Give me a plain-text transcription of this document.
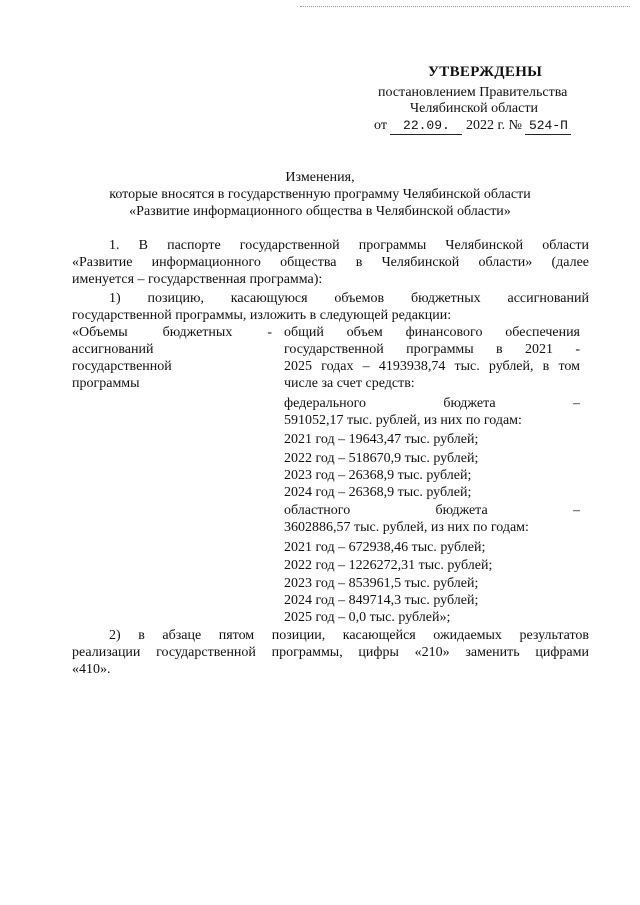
УТВЕРЖДЕНЫ
постановлением Правительства
Челябинской области
от 22.09. 2022 г. № 524-П
Изменения,
которые вносятся в государственную программу Челябинской области
«Развитие информационного общества в Челябинской области»
1. В паспорте государственной программы Челябинской области
«Развитие информационного общества в Челябинской области» (далее
именуется – государственная программа):
1) позицию, касающуюся объемов бюджетных ассигнований
государственной программы, изложить в следующей редакции:
«Объемы бюджетных -
ассигнований
государственной
программы
общий объем финансового обеспечения
государственной программы в 2021 -
2025 годах – 4193938,74 тыс. рублей, в том
числе за счет средств:
федерального бюджета –
591052,17 тыс. рублей, из них по годам:
2021 год – 19643,47 тыс. рублей;
2022 год – 518670,9 тыс. рублей;
2023 год – 26368,9 тыс. рублей;
2024 год – 26368,9 тыс. рублей;
областного бюджета –
3602886,57 тыс. рублей, из них по годам:
2021 год – 672938,46 тыс. рублей;
2022 год – 1226272,31 тыс. рублей;
2023 год – 853961,5 тыс. рублей;
2024 год – 849714,3 тыс. рублей;
2025 год – 0,0 тыс. рублей»;
2) в абзаце пятом позиции, касающейся ожидаемых результатов
реализации государственной программы, цифры «210» заменить цифрами
«410».
